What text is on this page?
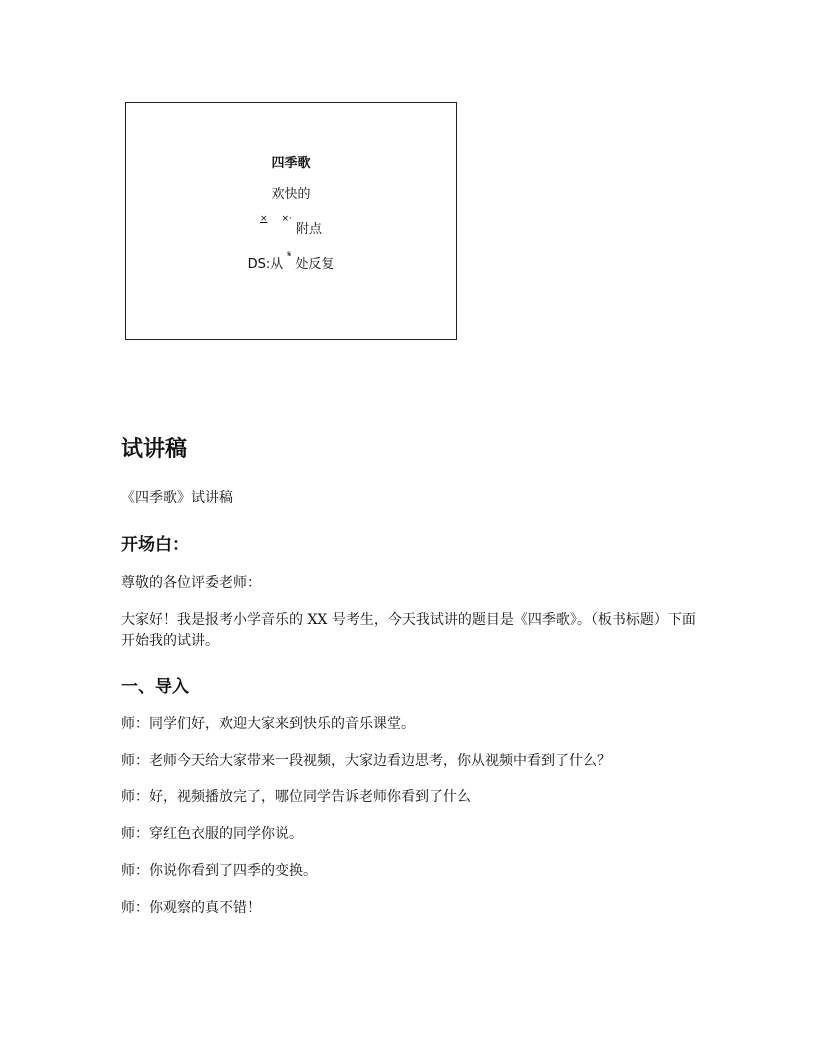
四季歌
欢快的
× ×· 附点
DS:从 𝄋 处反复
试讲稿

《四季歌》试讲稿

开场白：

尊敬的各位评委老师：

大家好！我是报考小学音乐的 XX 号考生，今天我试讲的题目是《四季歌》。（板书标题）下面开始我的试讲。

一、导入

师：同学们好，欢迎大家来到快乐的音乐课堂。

师：老师今天给大家带来一段视频，大家边看边思考，你从视频中看到了什么？

师：好，视频播放完了，哪位同学告诉老师你看到了什么

师：穿红色衣服的同学你说。

师：你说你看到了四季的变换。

师：你观察的真不错！
